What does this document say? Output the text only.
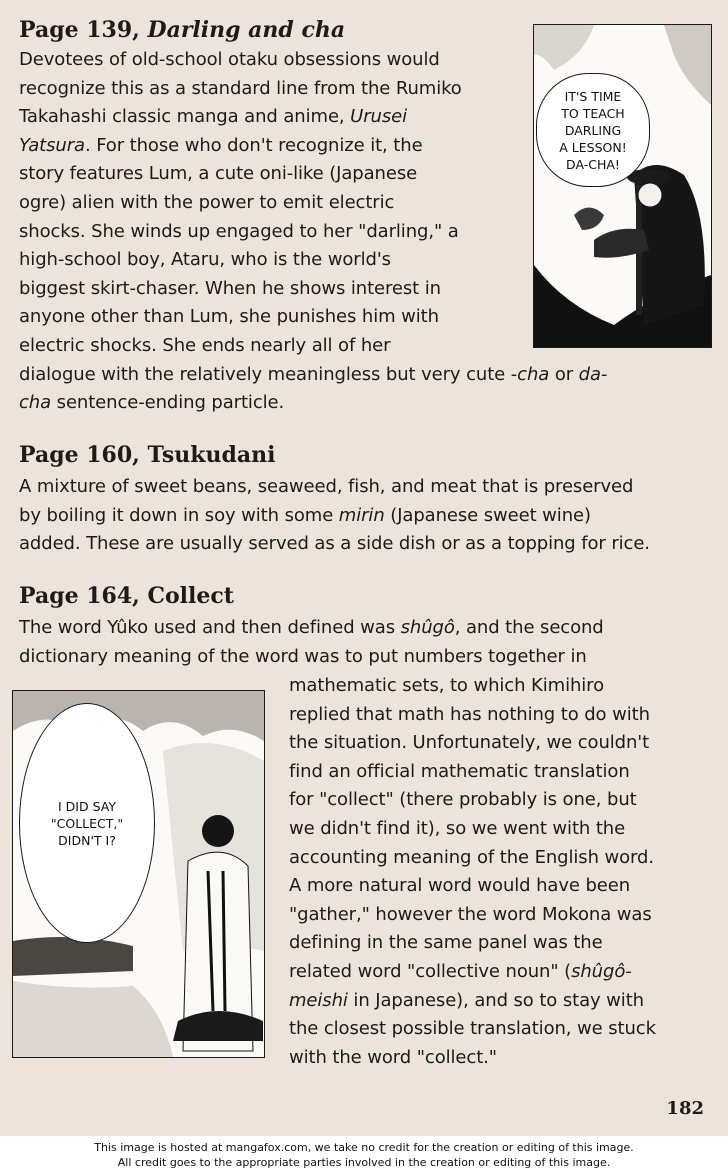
Page 139, Darling and cha

Devotees of old-school otaku obsessions would
recognize this as a standard line from the Rumiko
Takahashi classic manga and anime, Urusei
Yatsura. For those who don't recognize it, the
story features Lum, a cute oni-like (Japanese
ogre) alien with the power to emit electric
shocks. She winds up engaged to her "darling," a
high-school boy, Ataru, who is the world's
biggest skirt-chaser. When he shows interest in
anyone other than Lum, she punishes him with
electric shocks. She ends nearly all of her
dialogue with the relatively meaningless but very cute -cha or da-
cha sentence-ending particle.

IT'S TIME
TO TEACH
DARLING
A LESSON!
DA-CHA!
Page 160, Tsukudani

A mixture of sweet beans, seaweed, fish, and meat that is preserved
by boiling it down in soy with some mirin (Japanese sweet wine)
added. These are usually served as a side dish or as a topping for rice.

Page 164, Collect

The word Yûko used and then defined was shûgô, and the second
dictionary meaning of the word was to put numbers together in

mathematic sets, to which Kimihiro
replied that math has nothing to do with
the situation. Unfortunately, we couldn't
find an official mathematic translation
for "collect" (there probably is one, but
we didn't find it), so we went with the
accounting meaning of the English word.
A more natural word would have been
"gather," however the word Mokona was
defining in the same panel was the
related word "collective noun" (shûgô-
meishi in Japanese), and so to stay with
the closest possible translation, we stuck
with the word "collect."

I DID SAY
"COLLECT,"
DIDN'T I?

182

This image is hosted at mangafox.com, we take no credit for the creation or editing of this image.
All credit goes to the appropriate parties involved in the creation or editing of this image.
